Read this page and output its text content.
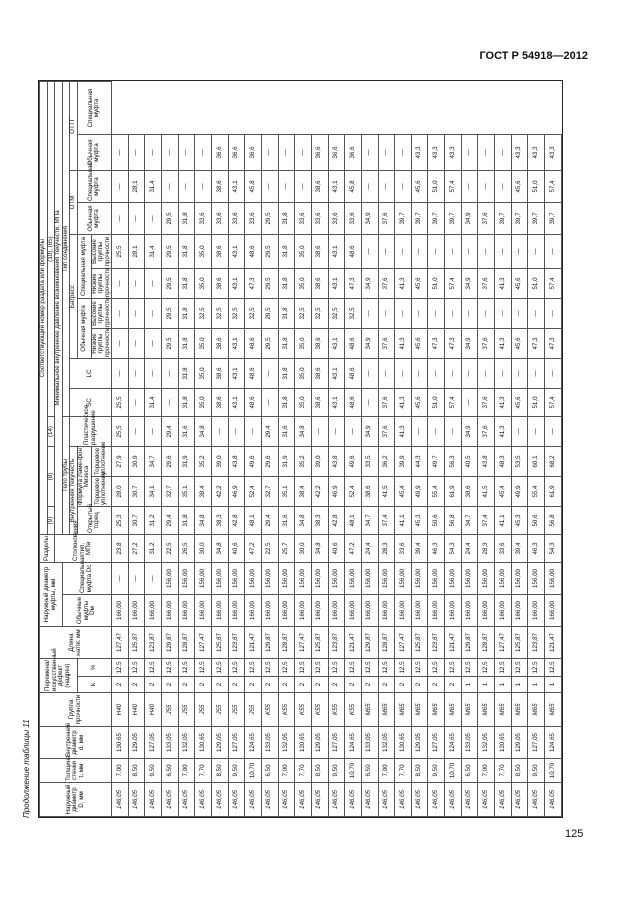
ГОСТ Р 54918—2012
Продолжение таблицы 11	Наружный диаметр D, мм	Толщина стенки t, мм	Внутренний диаметр d, мм	Группа прочности	Перемена/ искусственный дефект (надрез)		Длина натяг. мм	Наружный диаметр муфты, мм		Разделы	Соответствующий номер раздела или формулы													
										(9)	(8)		(14)	(10), (65)									
									Столкновения тип. МПа	Минимальное внутреннее давление возникновения текучести, МПа													
							Обычные муфты Dм	Специальная муфта Dс		Тело трубы				Тип соединения									
										Внутренняя текучесть			Пластическое разрушение	SC	LC	Батресс				ОТМ		ОТТГ	
				k	%					Открытый торец	Формула Ламе-фон Мизеса					Обычная муфта		Специальная муфта		Обычная муфта	Специальная муфта	Обычная муфта	Специальная муфта
											Торцевое уплотнение	Торцевое уплотнение				Низкие группы прочности	Высокие группы прочности	Низкие группы прочности	Высокие группы прочности				
146,05	7,00	130,65	H40	2	12,5	127,47	166,00	—	23,8	25,3	28,0	27,9	25,5	25,5	—	—	—	—	25,5	—	—	—	
146,05	8,50	129,05	H40	2	12,5	125,87	166,00	—	27,2	30,7	30,7	30,9	—	—	—	—	—	—	28,1	—	28,1	—	
146,05	9,50	127,05	H40	2	12,5	123,87	166,00	—	31,2	31,2	34,1	34,7	—	31,4	—	—	—	—	31,4	—	31,4	—	
146,05	6,50	133,05	J55	2	12,5	129,87	166,00	156,00	22,5	29,4	32,7	29,6	29,4	—	—	29,5	29,5	29,5	29,5	29,5	—	—	
146,05	7,00	132,05	J55	2	12,5	128,87	166,00	156,00	26,5	31,8	35,1	31,9	31,6	31,8	31,8	31,8	31,8	31,8	31,8	31,8	—	—	
146,05	7,70	130,65	J55	2	12,5	127,47	166,00	156,00	30,0	34,8	38,4	35,2	34,8	35,0	35,0	35,0	32,5	35,0	35,0	33,6	—	—	
146,05	8,50	129,05	J55	2	12,5	125,87	166,00	156,00	34,8	38,3	42,2	39,0	—	38,6	38,6	38,6	32,5	38,6	38,6	33,6	38,6	36,6	
146,05	9,50	127,05	J55	2	12,5	123,87	166,00	156,00	40,6	42,8	46,9	43,8	—	43,1	43,1	43,1	32,5	43,1	43,1	33,6	43,1	36,6	
146,05	10,70	124,65	J55	2	12,5	121,47	166,00	156,00	47,2	48,1	52,4	49,6	—	48,6	48,6	48,6	32,5	47,3	48,6	33,6	45,8	36,6	
146,05	6,50	133,05	K55	2	12,5	129,87	166,00	156,00	22,5	29,4	32,7	29,6	29,4	—	—	29,5	29,5	29,5	29,5	29,5	—	—	
146,05	7,00	132,05	K55	2	12,5	128,87	166,00	156,00	25,7	31,6	35,1	31,9	31,6	31,8	31,8	31,8	31,8	31,8	31,8	31,8	—	—	
146,05	7,70	130,65	K55	2	12,5	127,47	166,00	156,00	30,0	34,8	38,4	35,2	34,8	35,0	35,0	35,0	32,5	35,0	35,0	33,6	—	—	
146,05	8,50	129,05	K55	2	12,5	125,87	166,00	156,00	34,8	38,3	42,2	39,0	—	38,6	38,6	38,6	32,5	38,6	38,6	33,6	38,6	36,6	
146,05	9,50	127,05	K55	2	12,5	123,87	166,00	156,00	40,6	42,8	46,9	43,8	—	43,1	43,1	43,1	32,5	43,1	43,1	33,6	43,1	36,6	
146,05	10,70	124,65	K55	2	12,5	121,47	166,00	156,00	47,2	48,1	52,4	49,6	—	48,6	48,6	48,6	32,5	47,3	48,6	33,6	45,8	36,6	
146,05	6,50	133,05	M65	2	12,5	129,87	166,00	156,00	24,4	34,7	38,6	33,5	34,9	—	—	34,9	—	34,9	—	34,9	—	—	
146,05	7,00	132,05	M65	2	12,5	128,87	166,00	156,00	28,3	37,4	41,5	36,2	37,6	37,6	—	37,6	—	37,6	—	37,6	—	—	
146,05	7,70	130,65	M65	2	12,5	127,47	166,00	156,00	33,6	41,1	45,4	39,9	41,3	41,3	—	41,3	—	41,3	—	39,7	—	—	
146,05	8,50	129,05	M65	2	12,5	125,87	166,00	156,00	39,4	45,3	49,9	44,3	—	45,6	—	45,6	—	45,6	—	39,7	45,6	43,3	
146,05	9,50	127,05	M65	2	12,5	123,87	166,00	156,00	46,3	50,6	55,4	49,7	—	51,0	—	47,3	—	51,0	—	39,7	51,0	43,3	
146,05	10,70	124,65	M65	2	12,5	121,47	166,00	156,00	54,3	56,8	61,9	56,3	—	57,4	—	47,3	—	57,4	—	39,7	57,4	43,3	
146,05	6,50	133,05	M65	1	12,5	129,87	166,00	156,00	24,4	34,7	38,6	40,5	34,9	—	—	34,9	—	34,9	—	34,9	—	—	
146,05	7,00	132,05	M65	1	12,5	128,87	166,00	156,00	28,3	37,4	41,5	43,8	37,6	37,6	—	37,6	—	37,6	—	37,6	—	—	
146,05	7,70	130,65	M65	1	12,5	127,47	166,00	156,00	33,6	41,1	45,4	48,3	41,3	41,3	—	41,3	—	41,3	—	39,7	—	—	
146,05	8,50	129,05	M65	1	12,5	125,87	166,00	156,00	39,4	45,3	49,9	53,5	—	45,6	—	45,6	—	45,6	—	39,7	45,6	43,3	
146,05	9,50	127,05	M65	1	12,5	123,87	166,00	156,00	46,3	50,6	55,4	60,1	—	51,0	—	47,3	—	51,0	—	39,7	51,0	43,3	
146,05	10,70	124,65	M65	1	12,5	121,47	166,00	156,00	54,3	56,8	61,9	68,2	—	57,4	—	47,3	—	57,4	—	39,7	57,4	43,3	
125
